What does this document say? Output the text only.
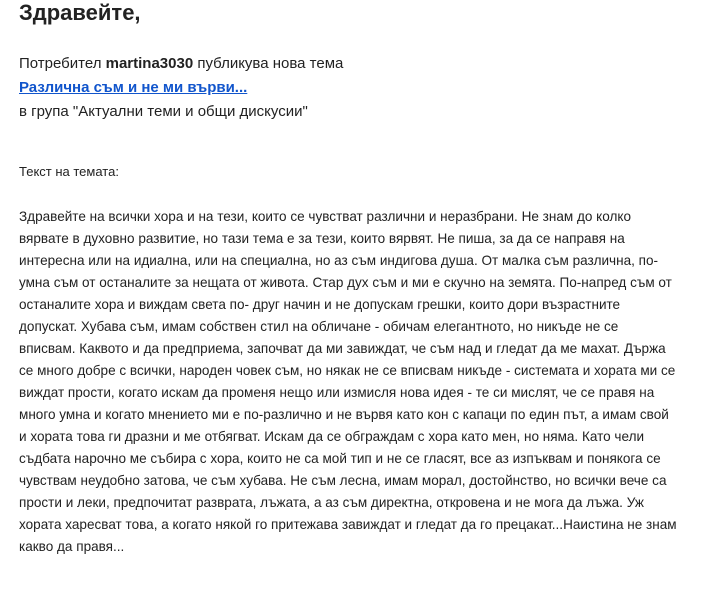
Здравейте,
Потребител martina3030 публикува нова тема
Различна съм и не ми върви...
в група "Актуални теми и общи дискусии"
Текст на темата:
Здравейте на всички хора и на тези, които се чувстват различни и неразбрани. Не знам до колко вярвате в духовно развитие, но тази тема е за тези, които вярвят. Не пиша, за да се направя на интересна или на идиална, или на специална, но аз съм индигова душа. От малка съм различна, по- умна съм от останалите за нещата от живота. Стар дух съм и ми е скучно на земята. По-напред съм от останалите хора и виждам света по- друг начин и не допускам грешки, които дори възрастните допускат. Хубава съм, имам собствен стил на обличане - обичам елегантното, но никъде не се вписвам. Каквото и да предприема, започват да ми завиждат, че съм над и гледат да ме махат. Държа се много добре с всички, народен човек съм, но някак не се вписвам никъде - системата и хората ми се виждат прости, когато искам да променя нещо или измисля нова идея - те си мислят, че се правя на много умна и когато мнението ми е по-различно и не вървя като кон с капаци по един път, а имам свой и хората това ги дразни и ме отбягват. Искам да се обграждам с хора като мен, но няма. Като чели съдбата нарочно ме събира с хора, които не са мой тип и не се гласят, все аз изпъквам и понякога се чувствам неудобно затова, че съм хубава. Не съм лесна, имам морал, достойнство, но всички вече са прости и леки, предпочитат разврата, лъжата, а аз съм директна, откровена и не мога да лъжа. Уж хората харесват това, а когато някой го притежава завиждат и гледат да го прецакат...Наистина не знам какво да правя...
